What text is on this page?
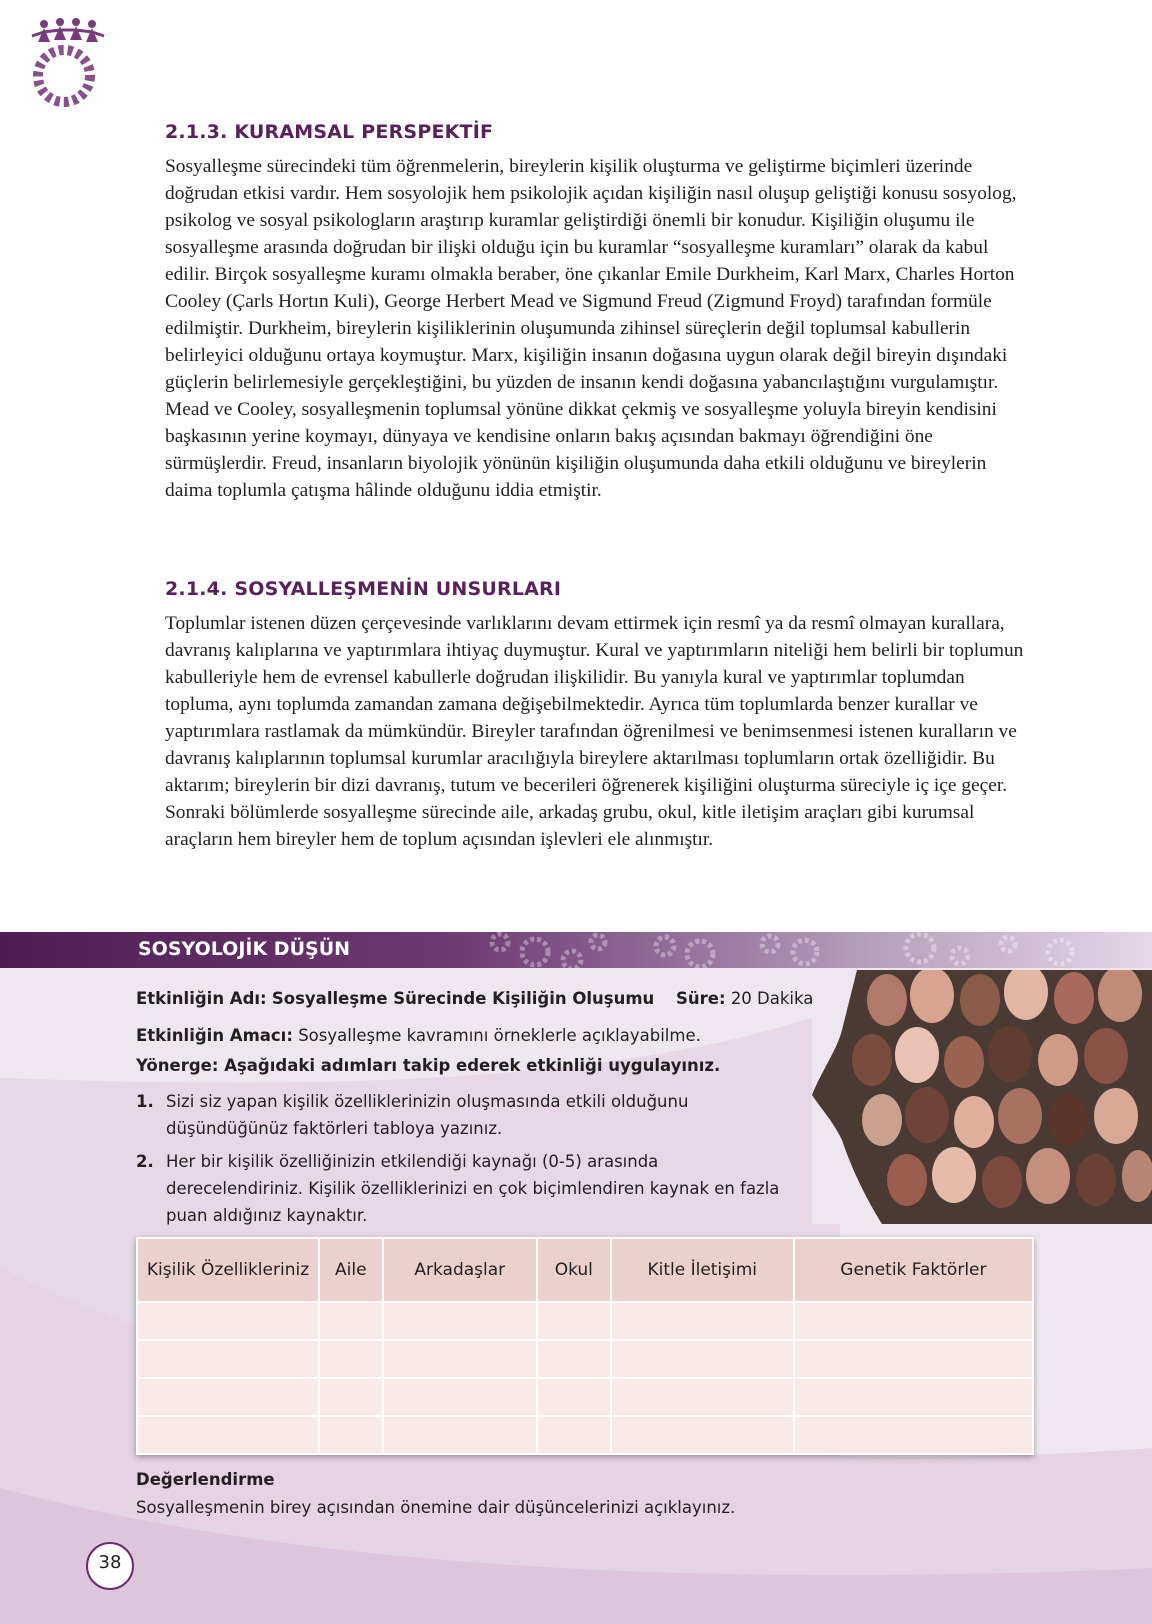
2.1.3. KURAMSAL PERSPEKTİF

Sosyalleşme sürecindeki tüm öğrenmelerin, bireylerin kişilik oluşturma ve geliştirme biçimleri üzerinde doğrudan etkisi vardır. Hem sosyolojik hem psikolojik açıdan kişiliğin nasıl oluşup geliştiği konusu sosyolog, psikolog ve sosyal psikologların araştırıp kuramlar geliştirdiği önemli bir konudur. Kişiliğin oluşumu ile sosyalleşme arasında doğrudan bir ilişki olduğu için bu kuramlar “sosyalleşme kuramları” olarak da kabul edilir. Birçok sosyalleşme kuramı olmakla beraber, öne çıkanlar Emile Durkheim, Karl Marx, Charles Horton Cooley (Çarls Hortın Kuli), George Herbert Mead ve Sigmund Freud (Zigmund Froyd) tarafından formüle edilmiştir. Durkheim, bireylerin kişiliklerinin oluşumunda zihinsel süreçlerin değil toplumsal kabullerin belirleyici olduğunu ortaya koymuştur. Marx, kişiliğin insanın doğasına uygun olarak değil bireyin dışındaki güçlerin belirlemesiyle gerçekleştiğini, bu yüzden de insanın kendi doğasına yabancılaştığını vurgulamıştır. Mead ve Cooley, sosyalleşmenin toplumsal yönüne dikkat çekmiş ve sosyalleşme yoluyla bireyin kendisini başkasının yerine koymayı, dünyaya ve kendisine onların bakış açısından bakmayı öğrendiğini öne sürmüşlerdir. Freud, insanların biyolojik yönünün kişiliğin oluşumunda daha etkili olduğunu ve bireylerin daima toplumla çatışma hâlinde olduğunu iddia etmiştir.

2.1.4. SOSYALLEŞMENİN UNSURLARI

Toplumlar istenen düzen çerçevesinde varlıklarını devam ettirmek için resmî ya da resmî olmayan kurallara, davranış kalıplarına ve yaptırımlara ihtiyaç duymuştur. Kural ve yaptırımların niteliği hem belirli bir toplumun kabulleriyle hem de evrensel kabullerle doğrudan ilişkilidir. Bu yanıyla kural ve yaptırımlar toplumdan topluma, aynı toplumda zamandan zamana değişebilmektedir. Ayrıca tüm toplumlarda benzer kurallar ve yaptırımlara rastlamak da mümkündür. Bireyler tarafından öğrenilmesi ve benimsenmesi istenen kuralların ve davranış kalıplarının toplumsal kurumlar aracılığıyla bireylere aktarılması toplumların ortak özelliğidir. Bu aktarım; bireylerin bir dizi davranış, tutum ve becerileri öğrenerek kişiliğini oluşturma süreciyle iç içe geçer. Sonraki bölümlerde sosyalleşme sürecinde aile, arkadaş grubu, okul, kitle iletişim araçları gibi kurumsal araçların hem bireyler hem de toplum açısından işlevleri ele alınmıştır.

SOSYOLOJİK DÜŞÜN

Etkinliğin Adı: Sosyalleşme Sürecinde Kişiliğin Oluşumu Süre: 20 Dakika

Etkinliğin Amacı: Sosyalleşme kavramını örneklerle açıklayabilme.

Yönerge: Aşağıdaki adımları takip ederek etkinliği uygulayınız.

1. Sizi siz yapan kişilik özelliklerinizin oluşmasında etkili olduğunu düşündüğünüz faktörleri tabloya yazınız.
2. Her bir kişilik özelliğinizin etkilendiği kaynağı (0-5) arasında derecelendiriniz. Kişilik özelliklerinizi en çok biçimlendiren kaynak en fazla puan aldığınız kaynaktır.
Kişilik Özellikleriniz	Aile	Arkadaşlar	Okul	Kitle İletişimi	Genetik Faktörler

Değerlendirme

Sosyalleşmenin birey açısından önemine dair düşüncelerinizi açıklayınız.

38
